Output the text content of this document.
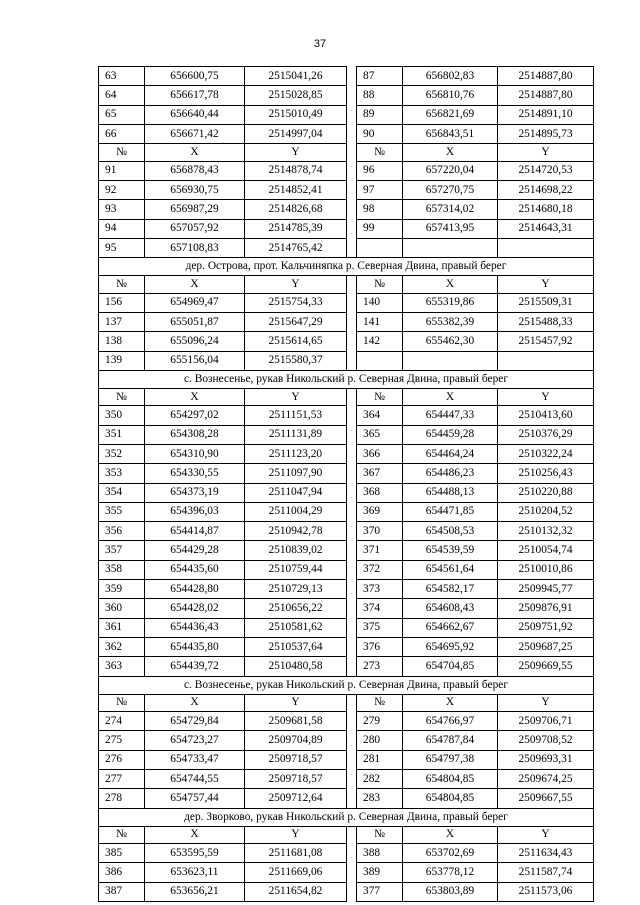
37
63	656600,75	2515041,26		87	656802,83	2514887,80
64	656617,78	2515028,85		88	656810,76	2514887,80
65	656640,44	2515010,49		89	656821,69	2514891,10
66	656671,42	2514997,04		90	656843,51	2514895,73
№	X	Y		№	X	Y
91	656878,43	2514878,74		96	657220,04	2514720,53
92	656930,75	2514852,41		97	657270,75	2514698,22
93	656987,29	2514826,68		98	657314,02	2514680,18
94	657057,92	2514785,39		99	657413,95	2514643,31
95	657108,83	2514765,42				
дер. Острова, прот. Кальчиняпка р. Северная Двина, правый берег						
№	X	Y		№	X	Y
156	654969,47	2515754,33		140	655319,86	2515509,31
137	655051,87	2515647,29		141	655382,39	2515488,33
138	655096,24	2515614,65		142	655462,30	2515457,92
139	655156,04	2515580,37				
с. Вознесенье, рукав Никольский р. Северная Двина, правый берег						
№	X	Y		№	X	Y
350	654297,02	2511151,53		364	654447,33	2510413,60
351	654308,28	2511131,89		365	654459,28	2510376,29
352	654310,90	2511123,20		366	654464,24	2510322,24
353	654330,55	2511097,90		367	654486,23	2510256,43
354	654373,19	2511047,94		368	654488,13	2510220,88
355	654396,03	2511004,29		369	654471,85	2510204,52
356	654414,87	2510942,78		370	654508,53	2510132,32
357	654429,28	2510839,02		371	654539,59	2510054,74
358	654435,60	2510759,44		372	654561,64	2510010,86
359	654428,80	2510729,13		373	654582,17	2509945,77
360	654428,02	2510656,22		374	654608,43	2509876,91
361	654436,43	2510581,62		375	654662,67	2509751,92
362	654435,80	2510537,64		376	654695,92	2509687,25
363	654439,72	2510480,58		273	654704,85	2509669,55
с. Вознесенье, рукав Никольский р. Северная Двина, правый берег						
№	X	Y		№	X	Y
274	654729,84	2509681,58		279	654766,97	2509706,71
275	654723,27	2509704,89		280	654787,84	2509708,52
276	654733,47	2509718,57		281	654797,38	2509693,31
277	654744,55	2509718,57		282	654804,85	2509674,25
278	654757,44	2509712,64		283	654804,85	2509667,55
дер. Зворково, рукав Никольский р. Северная Двина, правый берег						
№	X	Y		№	X	Y
385	653595,59	2511681,08		388	653702,69	2511634,43
386	653623,11	2511669,06		389	653778,12	2511587,74
387	653656,21	2511654,82		377	653803,89	2511573,06
